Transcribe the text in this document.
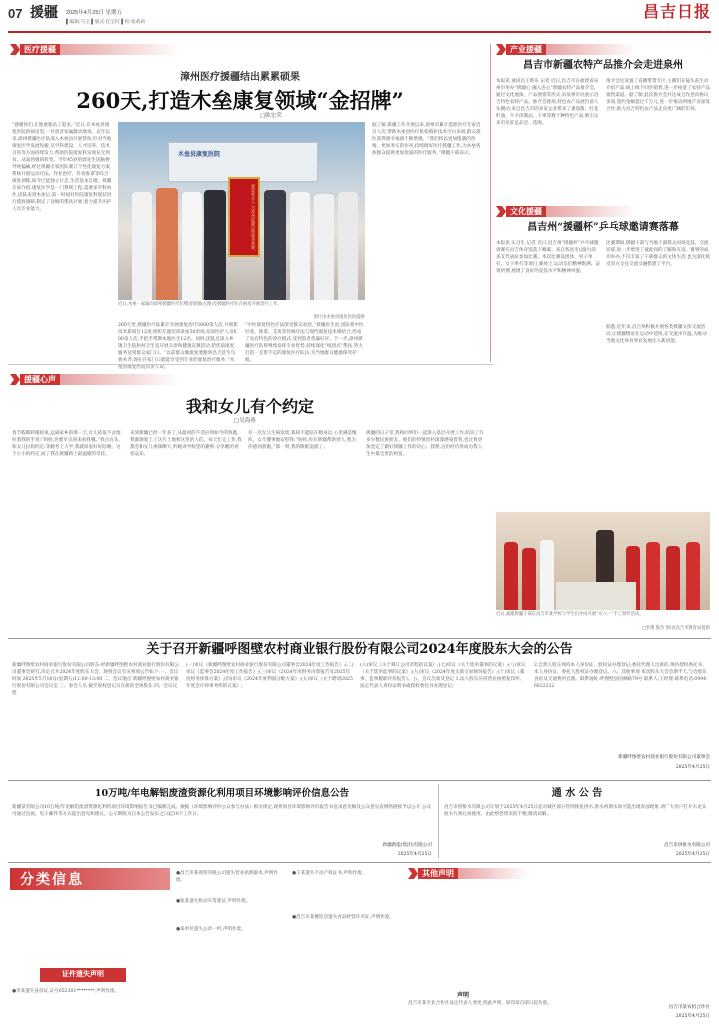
07 援疆 2025年4月25日 星期五
▌编辑:马宝 ▌版式:任宝旺 ▌校:张莉莉
昌吉日报
医疗援疆
漳州医疗援疆结出累累硕果
260天,打造木垒康复领域“金招牌”
□陈宏荣
“感谢你们,让他重新站了起来。”近日,在木垒县康复医院的病房里,一位患者家属激动地说。去年以来,漳州援疆医疗队深入木垒县开展帮扶,针对当地康复医学发展短板,从学科建设、人才培养、技术引进等方面持续发力,帮助医院康复科实现从无到有、从弱到强的转变。今年45岁的郭先生因脑梗导致偏瘫,经过援疆专家团队制订个性化康复方案,系统开展运动疗法、作业治疗、针灸推拿等综合康复训练,如今已能独立行走,生活基本自理。援疆专家介绍,康复医学是一门系统工程,需要多学科协作,团队来到木垒后,第一时间对医院康复科现状进行摸底调研,制定了详细的帮扶计划,着力提升医护人员专业能力。
木垒县康复医院
谢患者亲人 为漳州援疆送锦旗表感谢
近日,木垒一家属向漳州援疆医疗队赠送锦旗(左图)及援疆医疗队在病房开展诊疗工作。
图片由木垒县康复医院提供
260天里,援疆医疗队累计开展康复治疗5000余人次,开展新技术新项目12项,组织专题培训讲座30余场,培训医护人员600余人次,手把手带教本地医生12名。同时,团队还深入乡镇卫生院和村卫生室开展义诊和健康宣教活动,把优质康复服务送到群众家门口。“以前群众做康复要跑到昌吉甚至乌鲁木齐,现在在家门口就能享受到专业的康复治疗服务。”木垒县康复医院负责人说。
“中医康复特色疗法深受群众欢迎。”援疆医生说,团队将中医针灸、推拿、艾灸等传统疗法与现代康复技术相结合,形成了具有特色的诊疗模式,受到患者普遍好评。下一步,漳州援疆医疗队将继续发挥专业优势,持续深化“组团式”帮扶,努力打造一支带不走的康复医疗队伍,为当地群众健康保驾护航。
据了解,援疆工作开展以来,漳州市累计选派医疗专家近百人次,帮助木垒县医疗机构填补技术空白多项,群众就医获得感幸福感不断增强。“我们将以更加饱满的热情、更加务实的作风,持续做好医疗援疆工作,为木垒各族群众提供更加优质的医疗服务。”援疆干部表示。
产业援疆
昌吉市新疆农特产品推介会走进泉州
本报讯 通讯员王艳乐 记者 近日,昌吉市在福建省泉州市举办“援疆心 融入连心”新疆农特产品推介会,通过文化展演、产品展销等形式,向泉州市民展示昌吉特色农特产品。推介会现场,特色农产品展台前人头攒动,来自昌吉市的多家企业带来了番茄酱、红花籽油、牛羊肉制品、干果等数十种特色产品,吸引众多市民驻足品尝、选购。
推介会还设置了直播带货专区,主播们在镜头前生动介绍产品,线上线下同步销售,进一步拓宽了农特产品销售渠道。据了解,此次推介会共达成合作意向协议多项,签约金额超过千万元,进一步推动两地产业深度合作,助力昌吉特色农产品走向更广阔的市场。
文化援疆
昌吉州“援疆杯”乒乓球邀请赛落幕
本报讯 实习生 记者 近日,昌吉州“援疆杯”乒乓球邀请赛在昌吉体育馆落下帷幕。来自各县市(园区)的多支代表队参加比赛。本次比赛设团体、男子单打、女子单打等项目,赛场上,运动员们精神饱满、奋勇拼搏,展现了良好的竞技水平和精神风貌。
比赛期间,援疆干部与当地干部群众同场竞技、交流切磋,进一步增进了彼此间的了解和友谊。赛事的成功举办,不仅丰富了干部群众的文体生活,也为深化援受双方交往交流交融搭建了平台。
据悉,近年来,昌吉州积极开展各类援疆文体交流活动,让援疆情谊在运动中延续,在交流中升温,为推动当地文化体育事业发展注入新动能。
近日,福建援疆干部在昌吉市某学校与学生们共同开展“庆六一”手工制作活动。
□李翔 殷杰 图/由昌吉市教育局提供
援疆心声
我和女儿有个约定
□吴海燕
春节假期转眼结束,远离家乡的那一天,女儿依依不舍地拉着我的手说:“妈妈,你要早点回来看我哦。”我点点头,和女儿拉钩约定:等她考上大学,我就回家好好陪她。这个小小的约定,成了我在援疆路上最温暖的牵挂。
来到新疆已经一年多了,从最初的不适应到如今的熟悉,我渐渐爱上了这片土地和这里的人们。每天忙完工作,我都会和女儿视频聊天,听她讲学校里的趣事,分享她的喜怒哀乐。
有一次女儿生病发烧,我却不能陪在她身边,心里满是愧疚。女儿懂事地安慰我:“妈妈,你在新疆帮助别人,我为你感到骄傲。”那一刻,我的眼眶湿润了。
援疆的日子里,我和同事们一起深入基层开展工作,结识了许多少数民族朋友。他们的热情淳朴深深感染着我,也让我更加坚定了做好援疆工作的决心。我想,这份经历将成为我人生中最宝贵的财富。
关于召开新疆呼图壁农村商业银行股份有限公司2024年度股东大会的公告
新疆呼图壁农村商业银行股份有限公司股东:经新疆呼图壁农村商业银行股份有限公司董事会研究,决定召开2024年度股东大会。现将会议有关事项公告如下:一、会议时间 2025年5月16日(星期五)11:00-13:00 二、会议地点 新疆呼图壁农村商业银行股份有限公司会议室 三、参会人员 截至股权登记日在册的全体股东 四、会议议程
(一)审议《新疆呼图壁农村商业银行股份有限公司董事会2024年度工作报告》;(二)审议《监事会2024年度工作报告》;(三)审议《2024年度财务决算报告及2025年度财务预算方案》;(四)审议《2024年度利润分配方案》;(五)审议《关于聘请2025年度会计师事务所的议案》;
(六)审议《关于修订公司章程的议案》;(七)审议《关于选举董事的议案》;(八)审议《关于选举监事的议案》;(九)审议《2024年度关联交易情况报告》;(十)审议《董事、监事履职评价报告》。五、会议出席及登记 1.法人股东应持营业执照复印件、法定代表人身份证明书或授权委托书办理登记;
2.自然人股东须持本人身份证、股权证办理登记;委托代理人出席的,须持授权委托书、本人身份证、委托人股权证办理登记。六、其他事项 本次股东大会会期半天,与会股东食宿及交通费用自理。联系地址:呼图壁县园林路79号 联系人:王经理 联系电话:0994-6822222
新疆呼图壁农村商业银行股份有限公司董事会
2025年4月25日
10万吨/年电解铝废渣资源化利用项目环境影响评价信息公告
新疆某有限公司10万吨/年电解铝废渣资源化利用项目环境影响报告书已编制完成。根据《环境影响评价公众参与办法》相关规定,现将项目环境影响评价报告书征求意见稿及公众意见表网络链接予以公开,公众可通过信函、电子邮件等方式提出意见和建议。公示期限为自本公告发布之日起10个工作日。
新疆新能(集团)有限公司
2025年4月25日
通 水 公 告
昌吉市供排水有限公司计划于2025年4月25日起对城区部分管网恢复供水,供水初期水质可能出现浑浊现象,请广大用户打开水龙头放水片刻后再使用。由此给您带来的不便,敬请谅解。
昌吉市供排水有限公司
2025年4月25日
分类信息
证件遗失声明
●李某遗失身份证,证号652301********,声明作废。
●昌吉市某商贸有限公司遗失营业执照副本,声明作废。
●张某遗失机动车驾驶证,声明作废。
●某单位遗失公章一枚,声明作废。
●王某遗失不动产权证书,声明作废。
●昌吉市某餐饮店遗失食品经营许可证,声明作废。
其他声明
声明
昌吉市某专业合作社法定代表人变更,特此声明。原印章自即日起作废。
昌吉市某农机合作社
2025年4月25日
